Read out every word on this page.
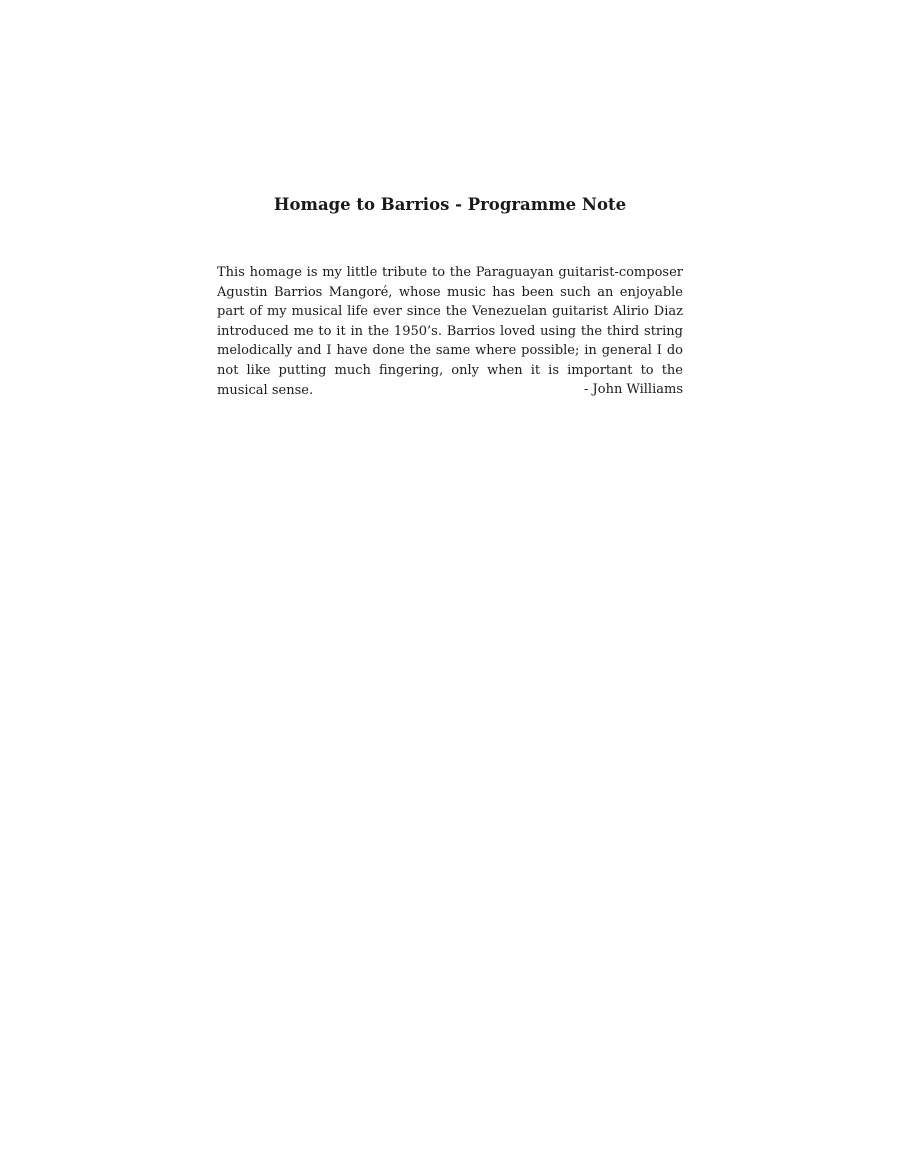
Homage to Barrios - Programme Note

This homage is my little tribute to the Paraguayan guitarist-composer Agustin Barrios Mangoré, whose music has been such an enjoyable part of my musical life ever since the Venezuelan guitarist Alirio Diaz introduced me to it in the 1950’s. Barrios loved using the third string melodically and I have done the same where possible; in general I do not like putting much fingering, only when it is important to the musical sense.	- John Williams
